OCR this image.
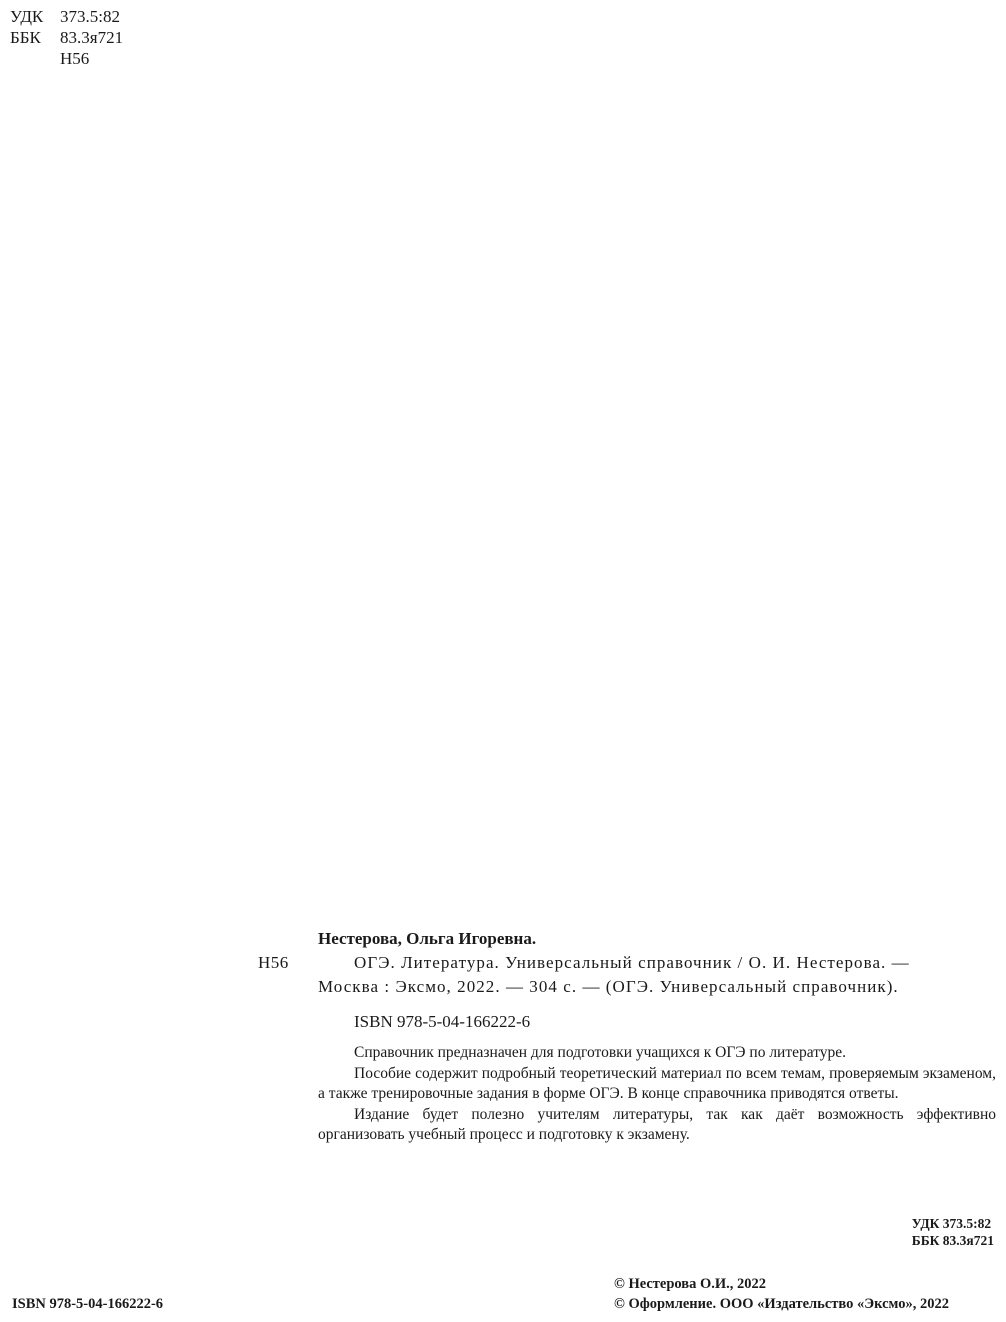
УДК 373.5:82
ББК	83.3я721
Н56
Нестерова, Ольга Игоревна.
Н56	ОГЭ. Литература. Универсальный справочник / О. И. Нестерова. —
Москва : Эксмо, 2022. — 304 с. — (ОГЭ. Универсальный справочник).
ISBN 978-5-04-166222-6

Справочник предназначен для подготовки учащихся к ОГЭ по литературе.

Пособие содержит подробный теоретический материал по всем темам, проверяемым экзаменом, а также тренировочные задания в форме ОГЭ. В конце справочника приводятся ответы.

Издание будет полезно учителям литературы, так как даёт возможность эффективно организовать учебный процесс и подготовку к экзамену.

УДК 373.5:82
ББК 83.3я721
© Нестерова О.И., 2022
© Оформление. ООО «Издательство «Эксмо», 2022
ISBN 978-5-04-166222-6
